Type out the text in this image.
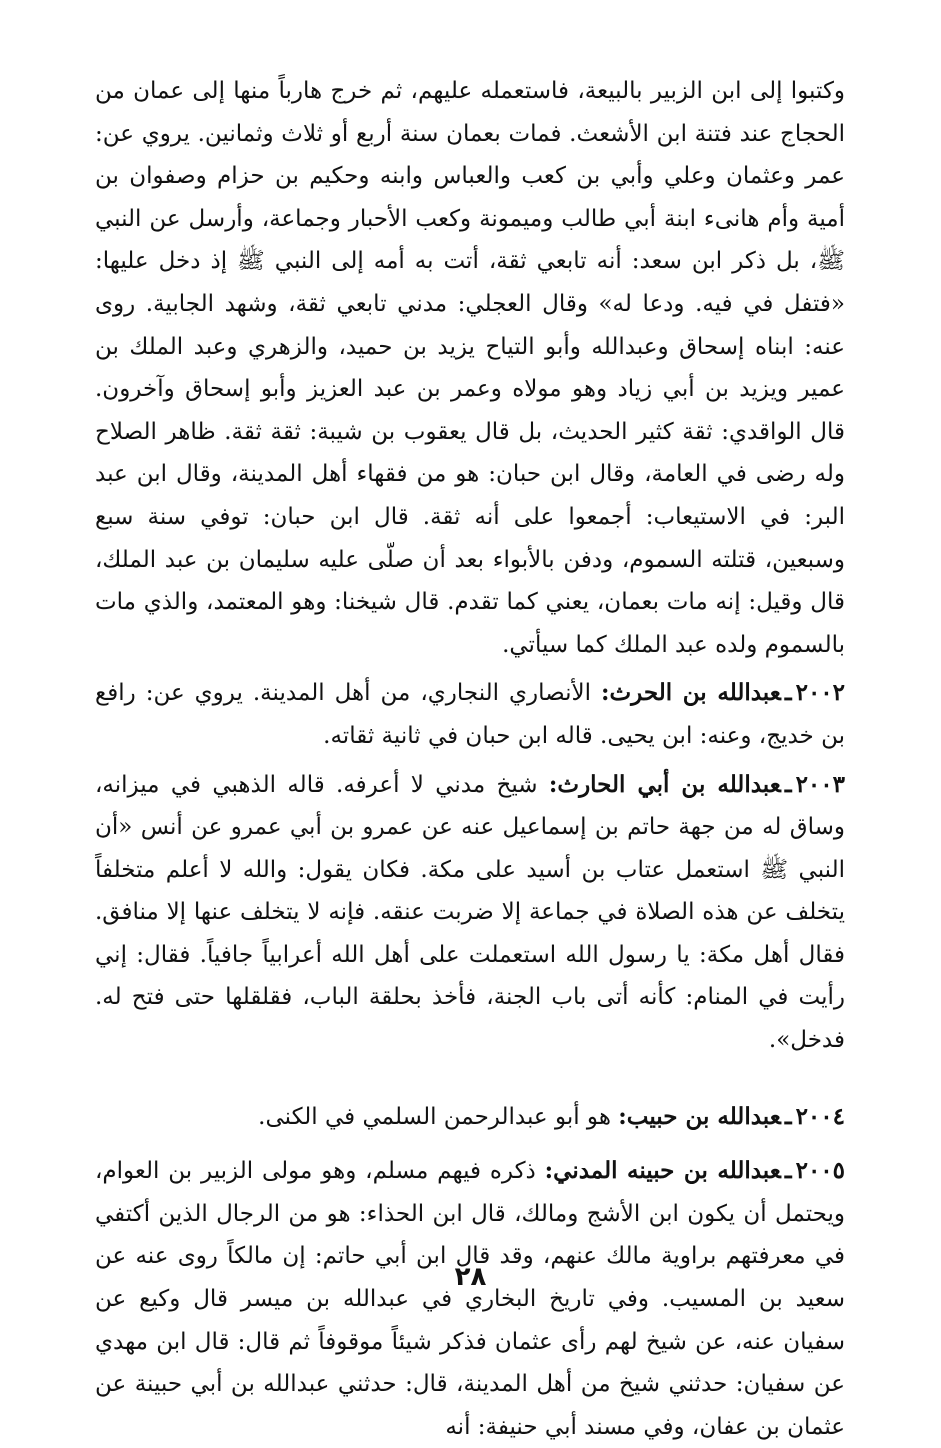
وكتبوا إلى ابن الزبير بالبيعة، فاستعمله عليهم، ثم خرج هارباً منها إلى عمان من الحجاج عند فتنة ابن الأشعث. فمات بعمان سنة أربع أو ثلاث وثمانين. يروي عن: عمر وعثمان وعلي وأبي بن كعب والعباس وابنه وحكيم بن حزام وصفوان بن أمية وأم هانىء ابنة أبي طالب وميمونة وكعب الأحبار وجماعة، وأرسل عن النبي ﷺ، بل ذكر ابن سعد: أنه تابعي ثقة، أتت به أمه إلى النبي ﷺ إذ دخل عليها: «فتفل في فيه. ودعا له» وقال العجلي: مدني تابعي ثقة، وشهد الجابية. روى عنه: ابناه إسحاق وعبدالله وأبو التياح يزيد بن حميد، والزهري وعبد الملك بن عمير ويزيد بن أبي زياد وهو مولاه وعمر بن عبد العزيز وأبو إسحاق وآخرون. قال الواقدي: ثقة كثير الحديث، بل قال يعقوب بن شيبة: ثقة ثقة. ظاهر الصلاح وله رضى في العامة، وقال ابن حبان: هو من فقهاء أهل المدينة، وقال ابن عبد البر: في الاستيعاب: أجمعوا على أنه ثقة. قال ابن حبان: توفي سنة سبع وسبعين، قتلته السموم، ودفن بالأبواء بعد أن صلّى عليه سليمان بن عبد الملك، قال وقيل: إنه مات بعمان، يعني كما تقدم. قال شيخنا: وهو المعتمد، والذي مات بالسموم ولده عبد الملك كما سيأتي.

٢٠٠٢ـعبدالله بن الحرث: الأنصاري النجاري، من أهل المدينة. يروي عن: رافع بن خديج، وعنه: ابن يحيى. قاله ابن حبان في ثانية ثقاته.

٢٠٠٣ـعبدالله بن أبي الحارث: شيخ مدني لا أعرفه. قاله الذهبي في ميزانه، وساق له من جهة حاتم بن إسماعيل عنه عن عمرو بن أبي عمرو عن أنس «أن النبي ﷺ استعمل عتاب بن أسيد على مكة. فكان يقول: والله لا أعلم متخلفاً يتخلف عن هذه الصلاة في جماعة إلا ضربت عنقه. فإنه لا يتخلف عنها إلا منافق. فقال أهل مكة: يا رسول الله استعملت على أهل الله أعرابياً جافياً. فقال: إني رأيت في المنام: كأنه أتى باب الجنة، فأخذ بحلقة الباب، فقلقلها حتى فتح له. فدخل».

٢٠٠٤ـعبدالله بن حبيب: هو أبو عبدالرحمن السلمي في الكنى.

٢٠٠٥ـعبدالله بن حبينه المدني: ذكره فيهم مسلم، وهو مولى الزبير بن العوام، ويحتمل أن يكون ابن الأشج ومالك، قال ابن الحذاء: هو من الرجال الذين أكتفي في معرفتهم براوية مالك عنهم، وقد قال ابن أبي حاتم: إن مالكاً روى عنه عن سعيد بن المسيب. وفي تاريخ البخاري في عبدالله بن ميسر قال وكيع عن سفيان عنه، عن شيخ لهم رأى عثمان فذكر شيئاً موقوفاً ثم قال: قال ابن مهدي عن سفيان: حدثني شيخ من أهل المدينة، قال: حدثني عبدالله بن أبي حبينة عن عثمان بن عفان، وفي مسند أبي حنيفة: أنه

٢٨
